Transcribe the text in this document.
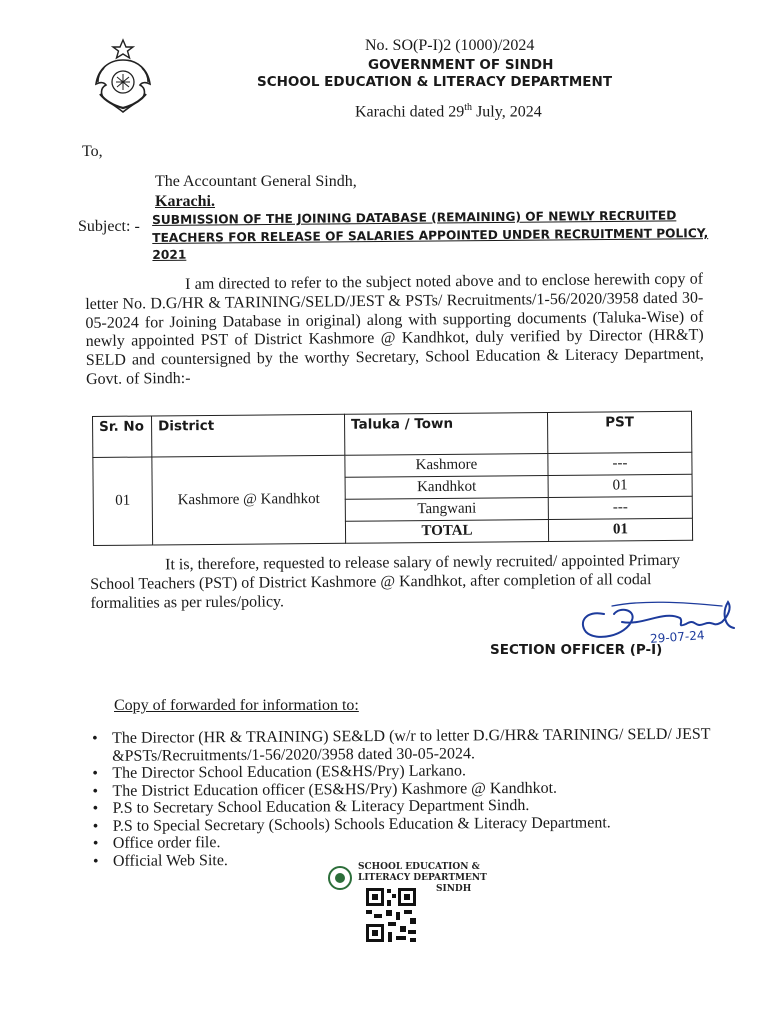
No. SO(P-I)2 (1000)/2024
GOVERNMENT OF SINDH
SCHOOL EDUCATION & LITERACY DEPARTMENT
Karachi dated 29th July, 2024
To,
The Accountant General Sindh,
Karachi.
Subject: - SUBMISSION OF THE JOINING DATABASE (REMAINING) OF NEWLY RECRUITED TEACHERS FOR RELEASE OF SALARIES APPOINTED UNDER RECRUITMENT POLICY, 2021
I am directed to refer to the subject noted above and to enclose herewith copy of letter No. D.G/HR & TARINING/SELD/JEST & PSTs/ Recruitments/1-56/2020/3958 dated 30-05-2024 for Joining Database in original) along with supporting documents (Taluka-Wise) of newly appointed PST of District Kashmore @ Kandhkot, duly verified by Director (HR&T) SELD and countersigned by the worthy Secretary, School Education & Literacy Department, Govt. of Sindh:-
Sr. No	District	Taluka / Town	PST
01	Kashmore @ Kandhkot	Kashmore	---
		Kandhkot	01
		Tangwani	---
		TOTAL	01
It is, therefore, requested to release salary of newly recruited/ appointed Primary School Teachers (PST) of District Kashmore @ Kandhkot, after completion of all codal formalities as per rules/policy.
29-07-24
SECTION OFFICER (P-I)
Copy of forwarded for information to:
• The Director (HR & TRAINING) SE&LD (w/r to letter D.G/HR& TARINING/ SELD/ JEST &PSTs/Recruitments/1-56/2020/3958 dated 30-05-2024.
• The Director School Education (ES&HS/Pry) Larkano.
• The District Education officer (ES&HS/Pry) Kashmore @ Kandhkot.
• P.S to Secretary School Education & Literacy Department Sindh.
• P.S to Special Secretary (Schools) Schools Education & Literacy Department.
• Office order file.
• Official Web Site.	SCHOOL EDUCATION &
LITERACY DEPARTMENT
SINDH
